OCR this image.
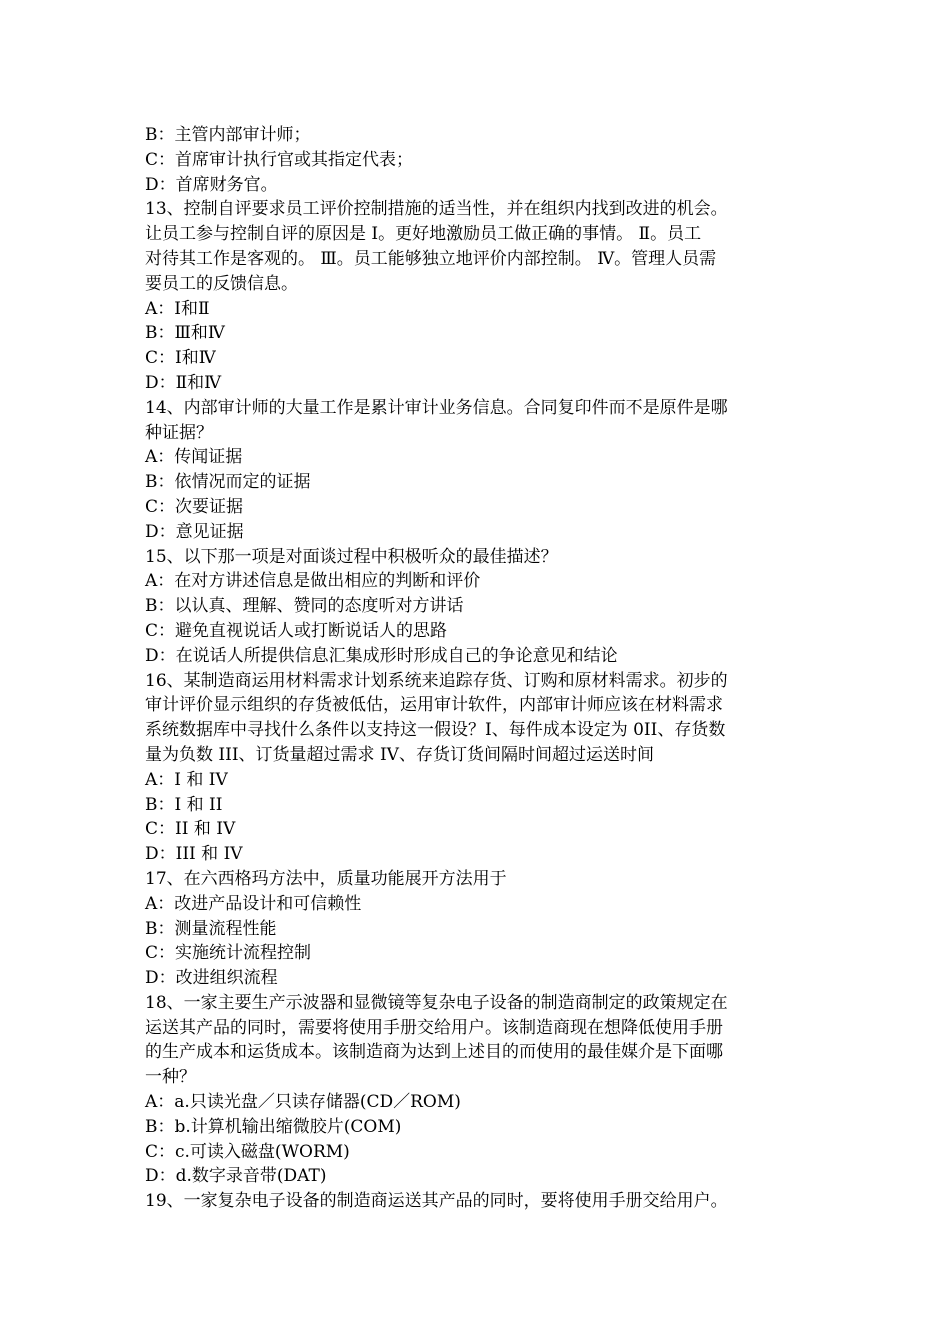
B：主管内部审计师；
C：首席审计执行官或其指定代表；
D：首席财务官。
13、控制自评要求员工评价控制措施的适当性，并在组织内找到改进的机会。
让员工参与控制自评的原因是 Ⅰ。更好地激励员工做正确的事情。 Ⅱ。员工
对待其工作是客观的。 Ⅲ。员工能够独立地评价内部控制。 Ⅳ。管理人员需
要员工的反馈信息。
A：Ⅰ和Ⅱ
B：Ⅲ和Ⅳ
C：Ⅰ和Ⅳ
D：Ⅱ和Ⅳ
14、内部审计师的大量工作是累计审计业务信息。合同复印件而不是原件是哪
种证据？
A：传闻证据
B：依情况而定的证据
C：次要证据
D：意见证据
15、以下那一项是对面谈过程中积极听众的最佳描述？
A：在对方讲述信息是做出相应的判断和评价
B：以认真、理解、赞同的态度听对方讲话
C：避免直视说话人或打断说话人的思路
D：在说话人所提供信息汇集成形时形成自己的争论意见和结论
16、某制造商运用材料需求计划系统来追踪存货、订购和原材料需求。初步的
审计评价显示组织的存货被低估，运用审计软件，内部审计师应该在材料需求
系统数据库中寻找什么条件以支持这一假设？I、每件成本设定为 0II、存货数
量为负数 III、订货量超过需求 IV、存货订货间隔时间超过运送时间
A：I 和 IV
B：I 和 II
C：II 和 IV
D：III 和 IV
17、在六西格玛方法中，质量功能展开方法用于
A：改进产品设计和可信赖性
B：测量流程性能
C：实施统计流程控制
D：改进组织流程
18、一家主要生产示波器和显微镜等复杂电子设备的制造商制定的政策规定在
运送其产品的同时，需要将使用手册交给用户。该制造商现在想降低使用手册
的生产成本和运货成本。该制造商为达到上述目的而使用的最佳媒介是下面哪
一种？
A：a.只读光盘／只读存储器(CD／ROM)
B：b.计算机输出缩微胶片(COM)
C：c.可读入磁盘(WORM)
D：d.数字录音带(DAT)
19、一家复杂电子设备的制造商运送其产品的同时，要将使用手册交给用户。
